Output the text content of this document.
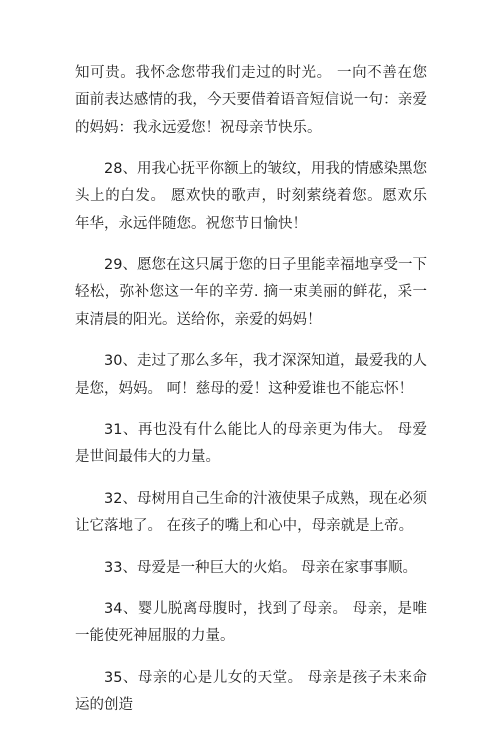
知可贵。我怀念您带我们走过的时光。 一向不善在您面前表达感情的我，今天要借着语音短信说一句：亲爱的妈妈：我永远爱您！祝母亲节快乐。

28、用我心抚平你额上的皱纹，用我的情感染黑您头上的白发。 愿欢快的歌声，时刻萦绕着您。愿欢乐年华，永远伴随您。祝您节日愉快！

29、愿您在这只属于您的日子里能幸福地享受一下轻松，弥补您这一年的辛劳. 摘一束美丽的鲜花，采一束清晨的阳光。送给你，亲爱的妈妈！

30、走过了那么多年，我才深深知道，最爱我的人是您，妈妈。 呵！慈母的爱！这种爱谁也不能忘怀！

31、再也没有什么能比人的母亲更为伟大。 母爱是世间最伟大的力量。

32、母树用自己生命的汁液使果子成熟，现在必须让它落地了。 在孩子的嘴上和心中，母亲就是上帝。

33、母爱是一种巨大的火焰。 母亲在家事事顺。

34、婴儿脱离母腹时，找到了母亲。 母亲，是唯一能使死神屈服的力量。

35、母亲的心是儿女的天堂。 母亲是孩子未来命运的创造
